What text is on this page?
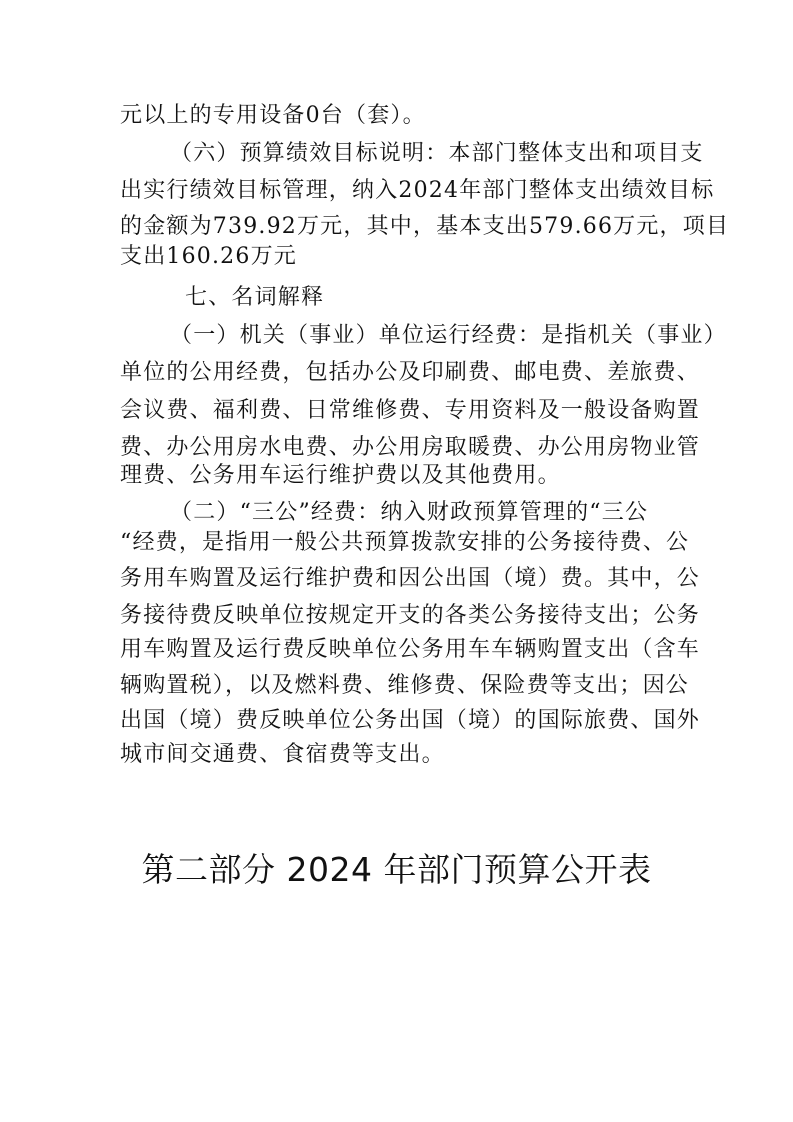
元以上的专用设备0台（套）。
（六）预算绩效目标说明：本部门整体支出和项目支
出实行绩效目标管理，纳入2024年部门整体支出绩效目标
的金额为739.92万元，其中，基本支出579.66万元，项目
支出160.26万元
七、名词解释
（一）机关（事业）单位运行经费：是指机关（事业）
单位的公用经费，包括办公及印刷费、邮电费、差旅费、
会议费、福利费、日常维修费、专用资料及一般设备购置
费、办公用房水电费、办公用房取暖费、办公用房物业管
理费、公务用车运行维护费以及其他费用。
（二）“三公”经费：纳入财政预算管理的“三公
“经费，是指用一般公共预算拨款安排的公务接待费、公
务用车购置及运行维护费和因公出国（境）费。其中，公
务接待费反映单位按规定开支的各类公务接待支出；公务
用车购置及运行费反映单位公务用车车辆购置支出（含车
辆购置税），以及燃料费、维修费、保险费等支出；因公
出国（境）费反映单位公务出国（境）的国际旅费、国外
城市间交通费、食宿费等支出。
第二部分 2024 年部门预算公开表
